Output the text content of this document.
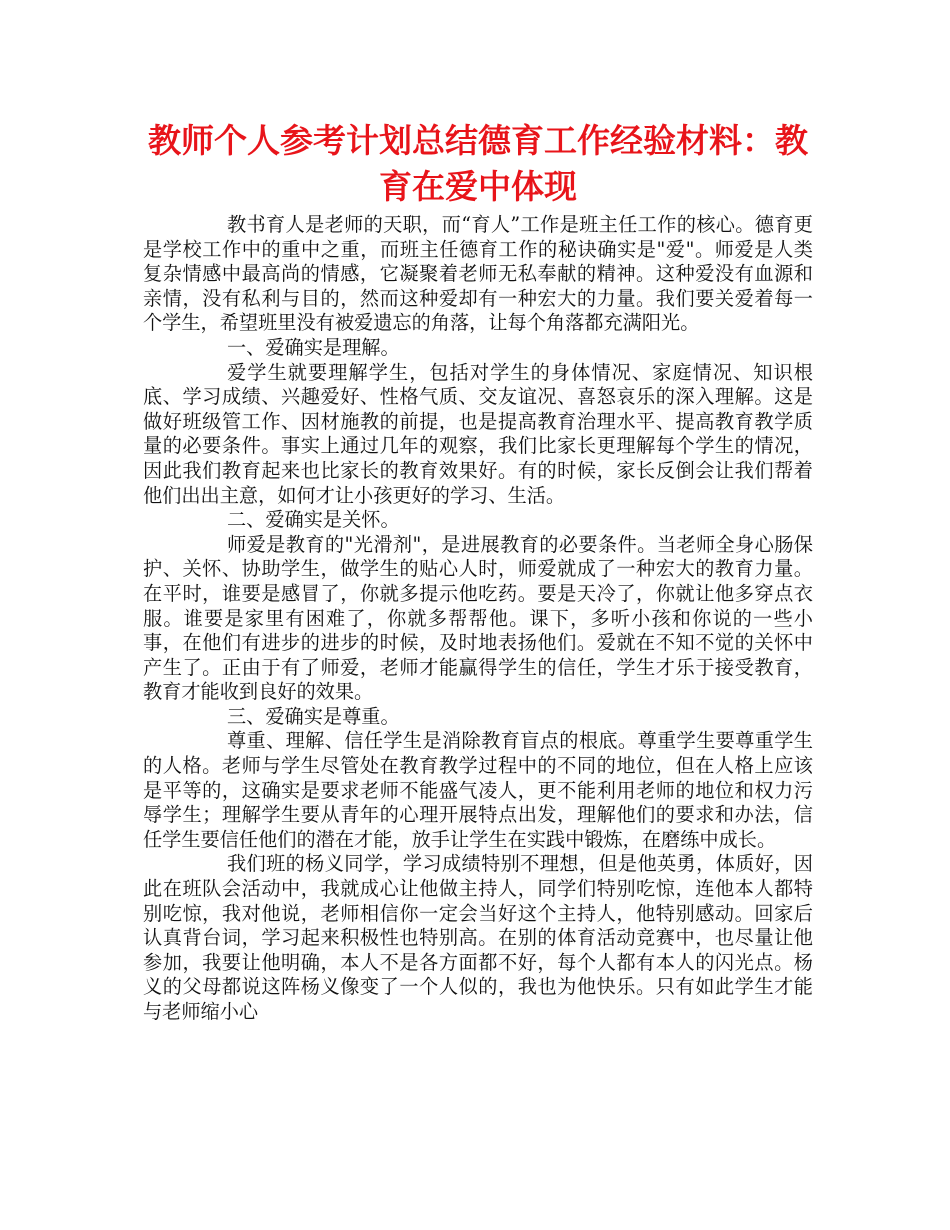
教师个人参考计划总结德育工作经验材料：教育在爱中体现

教书育人是老师的天职，而“育人”工作是班主任工作的核心。德育更是学校工作中的重中之重，而班主任德育工作的秘诀确实是"爱"。师爱是人类复杂情感中最高尚的情感，它凝聚着老师无私奉献的精神。这种爱没有血源和亲情，没有私利与目的，然而这种爱却有一种宏大的力量。我们要关爱着每一个学生，希望班里没有被爱遗忘的角落，让每个角落都充满阳光。

一、爱确实是理解。

爱学生就要理解学生，包括对学生的身体情况、家庭情况、知识根底、学习成绩、兴趣爱好、性格气质、交友谊况、喜怒哀乐的深入理解。这是做好班级管工作、因材施教的前提，也是提高教育治理水平、提高教育教学质量的必要条件。事实上通过几年的观察，我们比家长更理解每个学生的情况，因此我们教育起来也比家长的教育效果好。有的时候，家长反倒会让我们帮着他们出出主意，如何才让小孩更好的学习、生活。

二、爱确实是关怀。

师爱是教育的"光滑剂"，是进展教育的必要条件。当老师全身心肠保护、关怀、协助学生，做学生的贴心人时，师爱就成了一种宏大的教育力量。在平时，谁要是感冒了，你就多提示他吃药。要是天冷了，你就让他多穿点衣服。谁要是家里有困难了，你就多帮帮他。课下，多听小孩和你说的一些小事，在他们有进步的进步的时候，及时地表扬他们。爱就在不知不觉的关怀中产生了。正由于有了师爱，老师才能赢得学生的信任，学生才乐于接受教育，教育才能收到良好的效果。

三、爱确实是尊重。

尊重、理解、信任学生是消除教育盲点的根底。尊重学生要尊重学生的人格。老师与学生尽管处在教育教学过程中的不同的地位，但在人格上应该是平等的，这确实是要求老师不能盛气凌人，更不能利用老师的地位和权力污辱学生；理解学生要从青年的心理开展特点出发，理解他们的要求和办法，信任学生要信任他们的潜在才能，放手让学生在实践中锻炼，在磨练中成长。

我们班的杨义同学，学习成绩特别不理想，但是他英勇，体质好，因此在班队会活动中，我就成心让他做主持人，同学们特别吃惊，连他本人都特别吃惊，我对他说，老师相信你一定会当好这个主持人，他特别感动。回家后认真背台词，学习起来积极性也特别高。在别的体育活动竞赛中，也尽量让他参加，我要让他明确，本人不是各方面都不好，每个人都有本人的闪光点。杨义的父母都说这阵杨义像变了一个人似的，我也为他快乐。只有如此学生才能与老师缩小心
